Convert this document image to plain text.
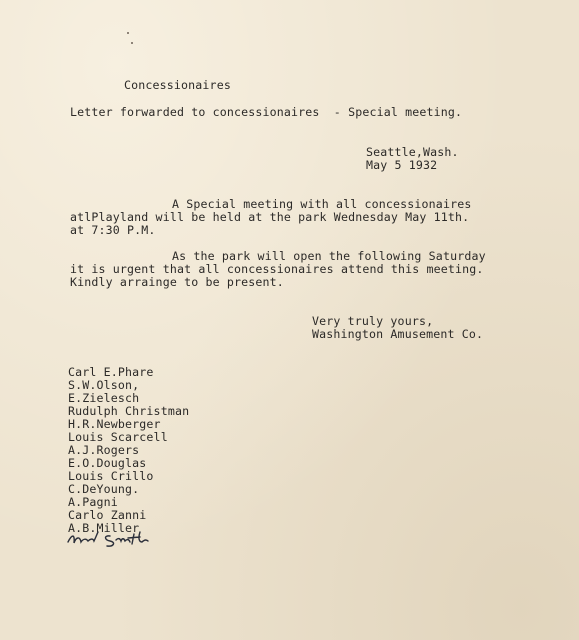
Concessionaires
Letter forwarded to concessionaires  - Special meeting.
Seattle,Wash.
May 5 1932
A Special meeting with all concessionaires
atlPlayland will be held at the park Wednesday May 11th.
at 7:30 P.M.
As the park will open the following Saturday
it is urgent that all concessionaires attend this meeting.
Kindly arrainge to be present.
Very truly yours,
Washington Amusement Co.
Carl E.Phare
S.W.Olson,
E.Zielesch
Rudulph Christman
H.R.Newberger
Louis Scarcell
A.J.Rogers
E.O.Douglas
Louis Crillo
C.DeYoung.
A.Pagni
Carlo Zanni
A.B.Miller
